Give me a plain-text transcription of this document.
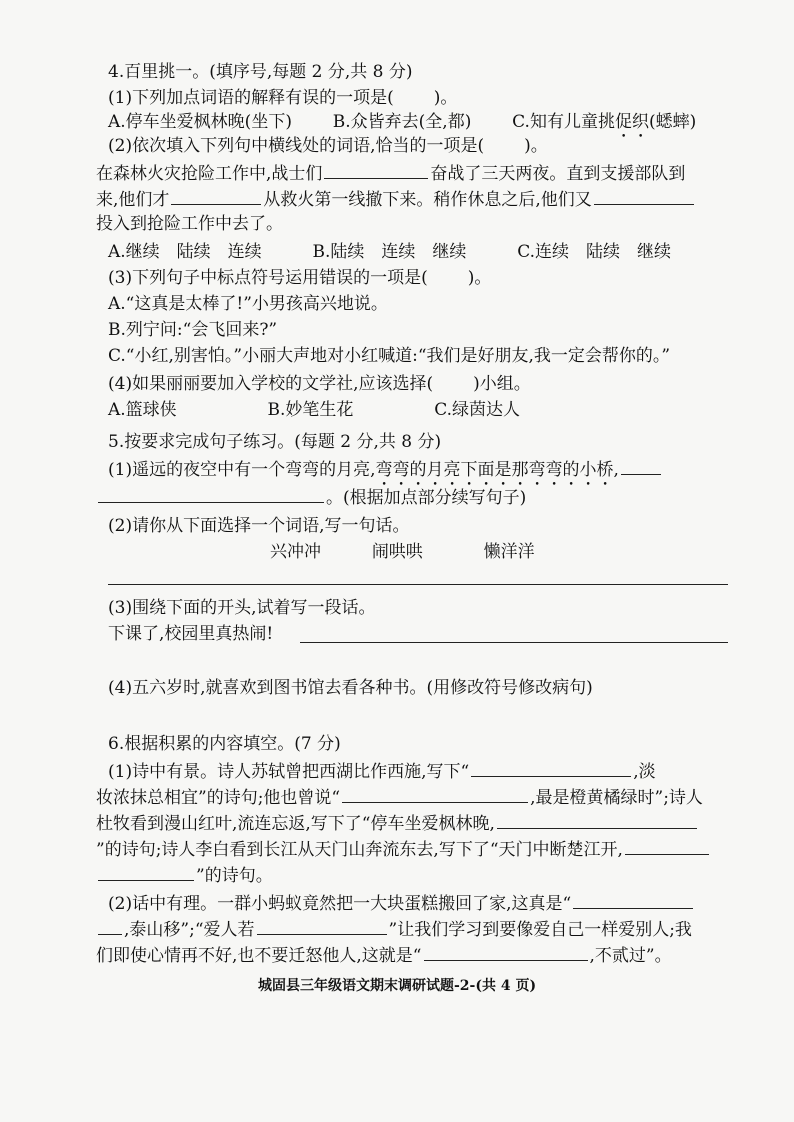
4.百里挑一。(填序号,每题 2 分,共 8 分)
(1)下列加点词语的解释有误的一项是( )。
A.停车坐爱枫林晚(坐下) B.众皆弃去(全,都) C.知有儿童挑促织(蟋蟀)
(2)依次填入下列句中横线处的词语,恰当的一项是( )。
在森林火灾抢险工作中,战士们	奋战了三天两夜。直到支援部队到
来,他们才	从救火第一线撤下来。稍作休息之后,他们又
投入到抢险工作中去了。
A.继续　陆续　连续	B.陆续　连续　继续	C.连续　陆续　继续
(3)下列句子中标点符号运用错误的一项是( )。
A.“这真是太棒了!”小男孩高兴地说。
B.列宁问:“会飞回来?”
C.“小红,别害怕。”小丽大声地对小红喊道:“我们是好朋友,我一定会帮你的。”
(4)如果丽丽要加入学校的文学社,应该选择( )小组。
A.篮球侠	B.妙笔生花	C.绿茵达人
5.按要求完成句子练习。(每题 2 分,共 8 分)
(1)遥远的夜空中有一个弯弯的月亮,弯弯的月亮下面是那弯弯的小桥,
。(根据加点部分续写句子)
(2)请你从下面选择一个词语,写一句话。
兴冲冲	闹哄哄	懒洋洋
(3)围绕下面的开头,试着写一段话。
下课了,校园里真热闹!
(4)五六岁时,就喜欢到图书馆去看各种书。(用修改符号修改病句)
6.根据积累的内容填空。(7 分)
(1)诗中有景。诗人苏轼曾把西湖比作西施,写下“	,淡
妆浓抹总相宜”的诗句;他也曾说“	,最是橙黄橘绿时”;诗人
杜牧看到漫山红叶,流连忘返,写下了“停车坐爱枫林晚,
”的诗句;诗人李白看到长江从天门山奔流东去,写下了“天门中断楚江开,
”的诗句。
(2)话中有理。一群小蚂蚁竟然把一大块蛋糕搬回了家,这真是“
,泰山移”;“爱人若	”让我们学习到要像爱自己一样爱别人;我
们即使心情再不好,也不要迁怒他人,这就是“	,不贰过”。
城固县三年级语文期末调研试题-2-(共 4 页)
